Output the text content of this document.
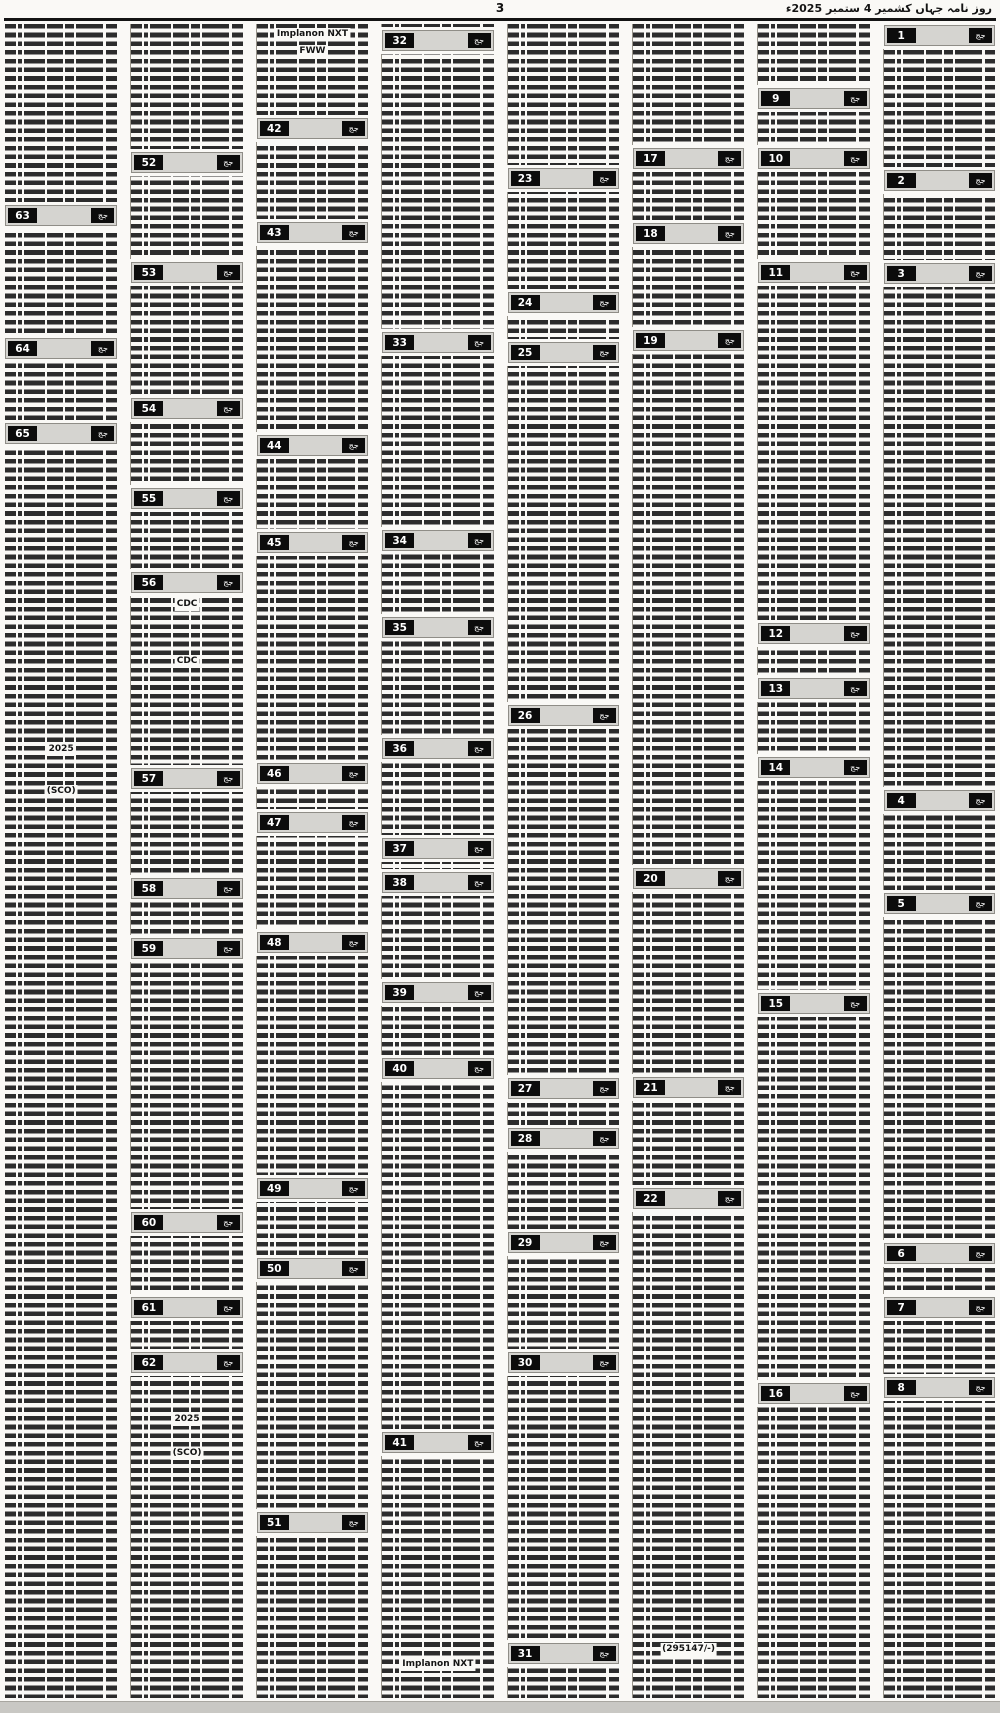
روز نامہ جہاں کشمیر 4 ستمبر 2025ء
3
جج
1
جج
2
جج
3
جج
4
جج
5
جج
6
جج
7
جج
8
جج
9
جج
10
جج
11
جج
12
جج
13
جج
14
جج
15
جج
16
جج
17
جج
18
جج
19
جج
20
جج
21
جج
22
(295147/-)
جج
23
جج
24
جج
25
جج
26
جج
27
جج
28
جج
29
جج
30
جج
31
جج
32
جج
33
جج
34
جج
35
جج
36
جج
37
جج
38
جج
39
جج
40
جج
41
Implanon NXT
جج
42
جج
43
جج
44
جج
45
جج
46
جج
47
جج
48
جج
49
جج
50
جج
51
Implanon NXT
FWW
جج
52
جج
53
جج
54
جج
55
جج
56
جج
57
جج
58
جج
59
جج
60
جج
61
جج
62
CDC
CDC
2025
(SCO)
جج
63
جج
64
جج
65
2025
(SCO)
